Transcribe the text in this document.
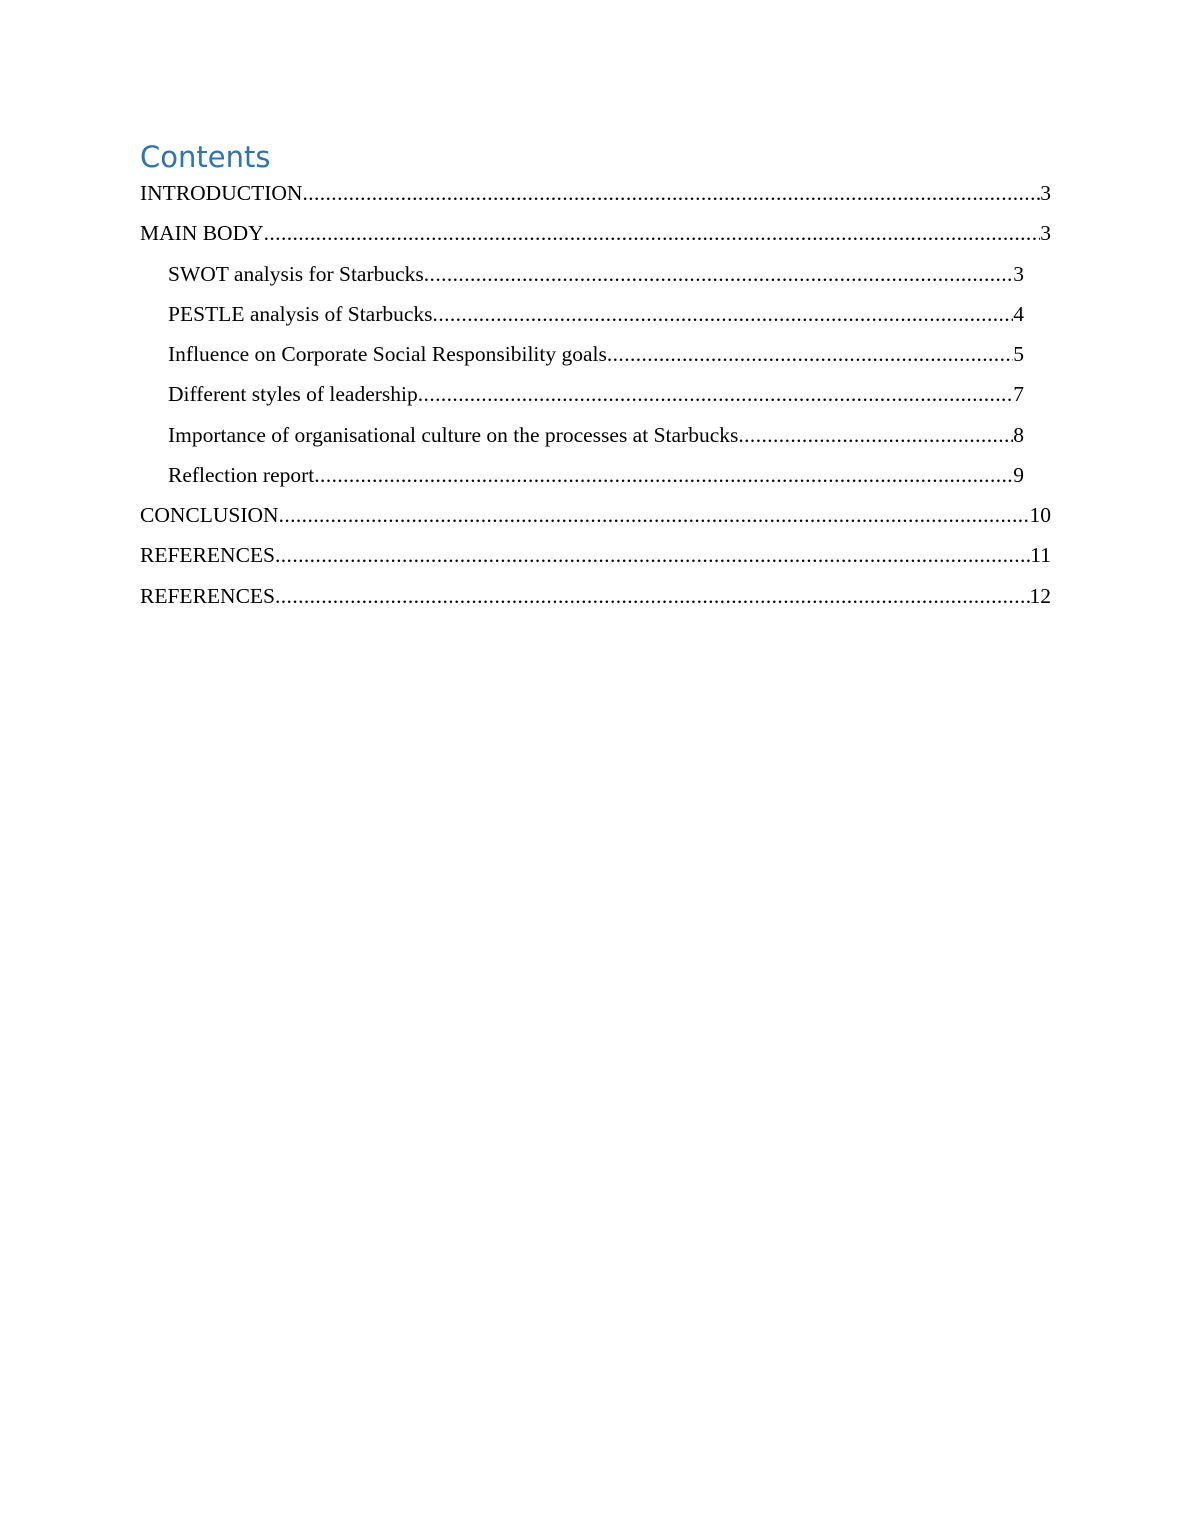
Contents
INTRODUCTION .....	3
MAIN BODY .....	3
SWOT analysis for Starbucks .....	3
PESTLE analysis of Starbucks .....	4
Influence on Corporate Social Responsibility goals .....	5
Different styles of leadership .....	7
Importance of organisational culture on the processes at Starbucks .....	8
Reflection report .....	9
CONCLUSION .....	10
REFERENCES .....	11
REFERENCES .....	12
